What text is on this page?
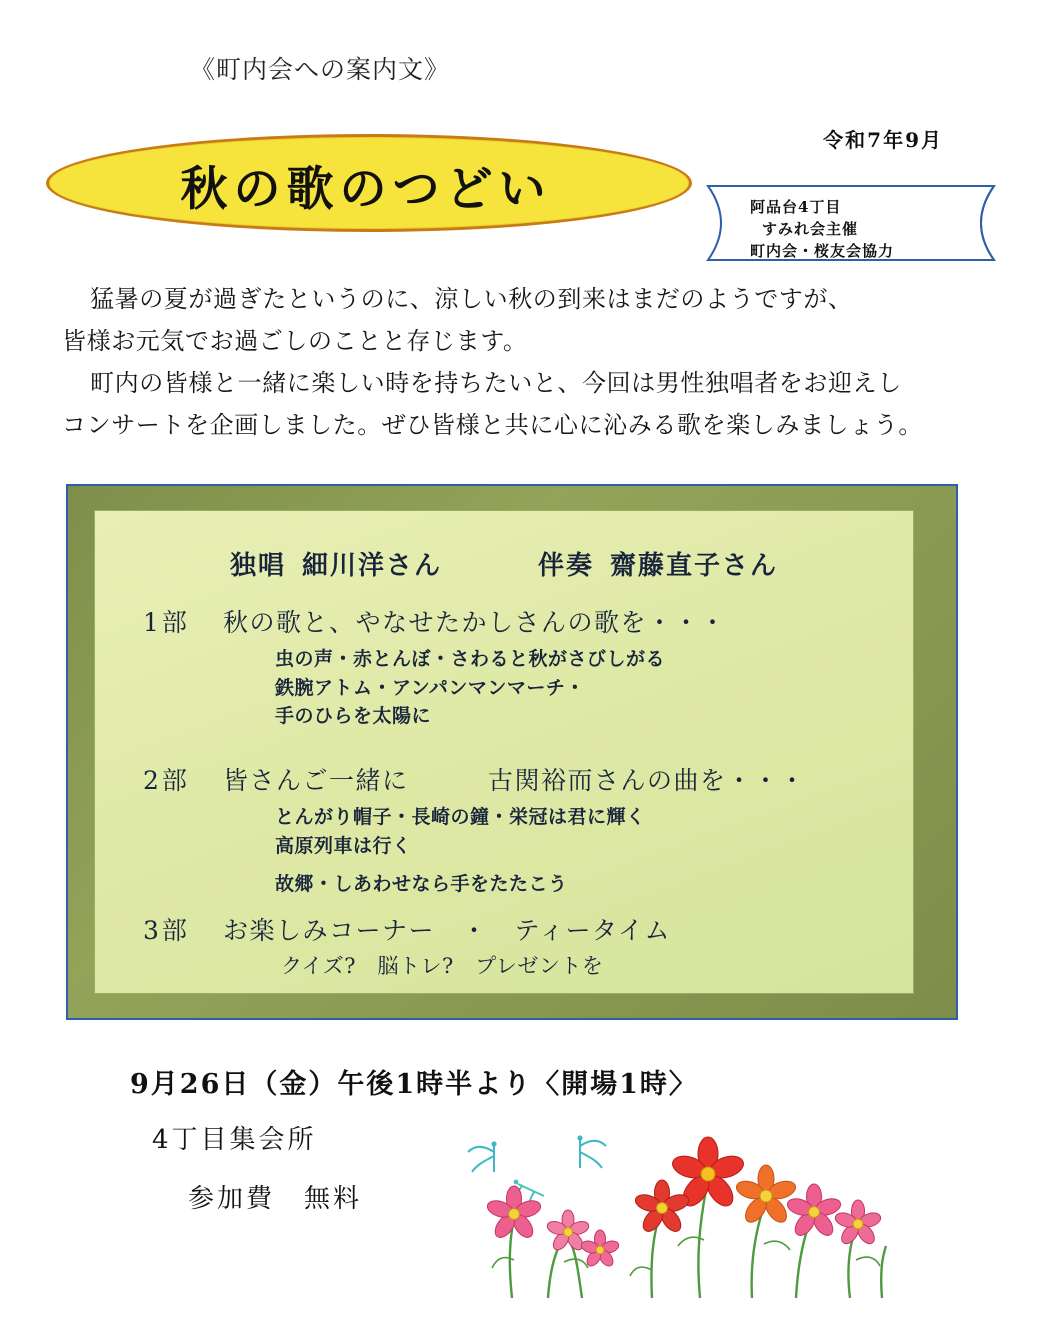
《町内会への案内文》
令和7年9月
秋の歌のつどい	阿品台4丁目
すみれ会主催
町内会・桜友会協力

猛暑の夏が過ぎたというのに、涼しい秋の到来はまだのようですが、

皆様お元気でお過ごしのことと存じます。

町内の皆様と一緒に楽しい時を持ちたいと、今回は男性独唱者をお迎えし

コンサートを企画しました。ぜひ皆様と共に心に沁みる歌を楽しみましょう。

独唱 細川洋さん	伴奏 齋藤直子さん
1部	秋の歌と、やなせたかしさんの歌を・・・
虫の声・赤とんぼ・さわると秋がさびしがる
鉄腕アトム・アンパンマンマーチ・
手のひらを太陽に
2部	皆さんご一緒に　　　古関裕而さんの曲を・・・
とんがり帽子・長崎の鐘・栄冠は君に輝く
高原列車は行く
故郷・しあわせなら手をたたこう
3部	お楽しみコーナー　・　ティータイム
クイズ?　脳トレ?　プレゼントを
9月26日（金）午後1時半より〈開場1時〉
4丁目集会所
参加費　無料
